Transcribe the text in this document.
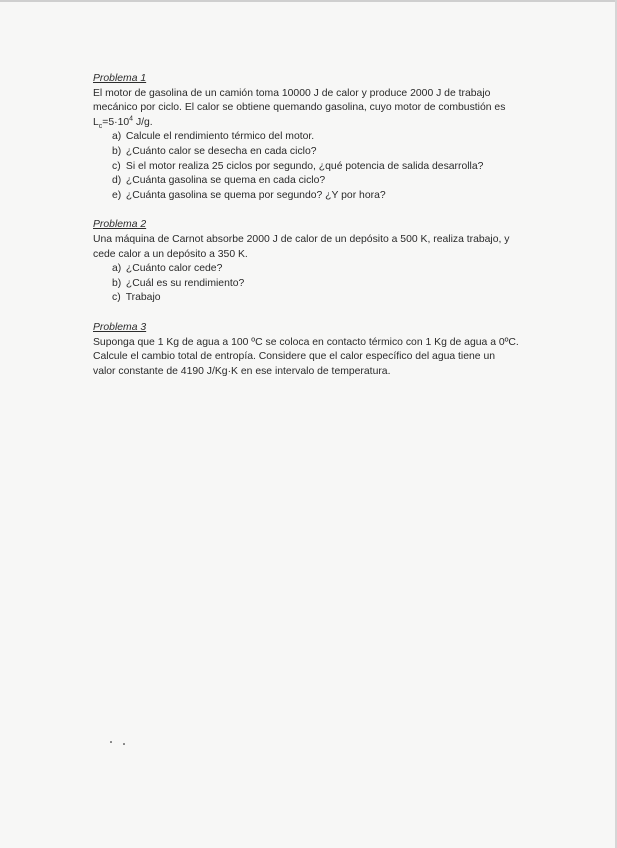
Problema 1

El motor de gasolina de un camión toma 10000 J de calor y produce 2000 J de trabajo

mecánico por ciclo. El calor se obtiene quemando gasolina, cuyo motor de combustión es

$L_c=5\cdot 10^4$ J/g.

a) Calcule el rendimiento térmico del motor.
b) ¿Cuánto calor se desecha en cada ciclo?
c) Si el motor realiza 25 ciclos por segundo, ¿qué potencia de salida desarrolla?
d) ¿Cuánta gasolina se quema en cada ciclo?
e) ¿Cuánta gasolina se quema por segundo? ¿Y por hora?
Problema 2

Una máquina de Carnot absorbe 2000 J de calor de un depósito a 500 K, realiza trabajo, y

cede calor a un depósito a 350 K.

a) ¿Cuánto calor cede?
b) ¿Cuál es su rendimiento?
c) Trabajo
Problema 3

Suponga que 1 Kg de agua a 100 ºC se coloca en contacto térmico con 1 Kg de agua a 0ºC.

Calcule el cambio total de entropía. Considere que el calor específico del agua tiene un

valor constante de 4190 J/Kg·K en ese intervalo de temperatura.
